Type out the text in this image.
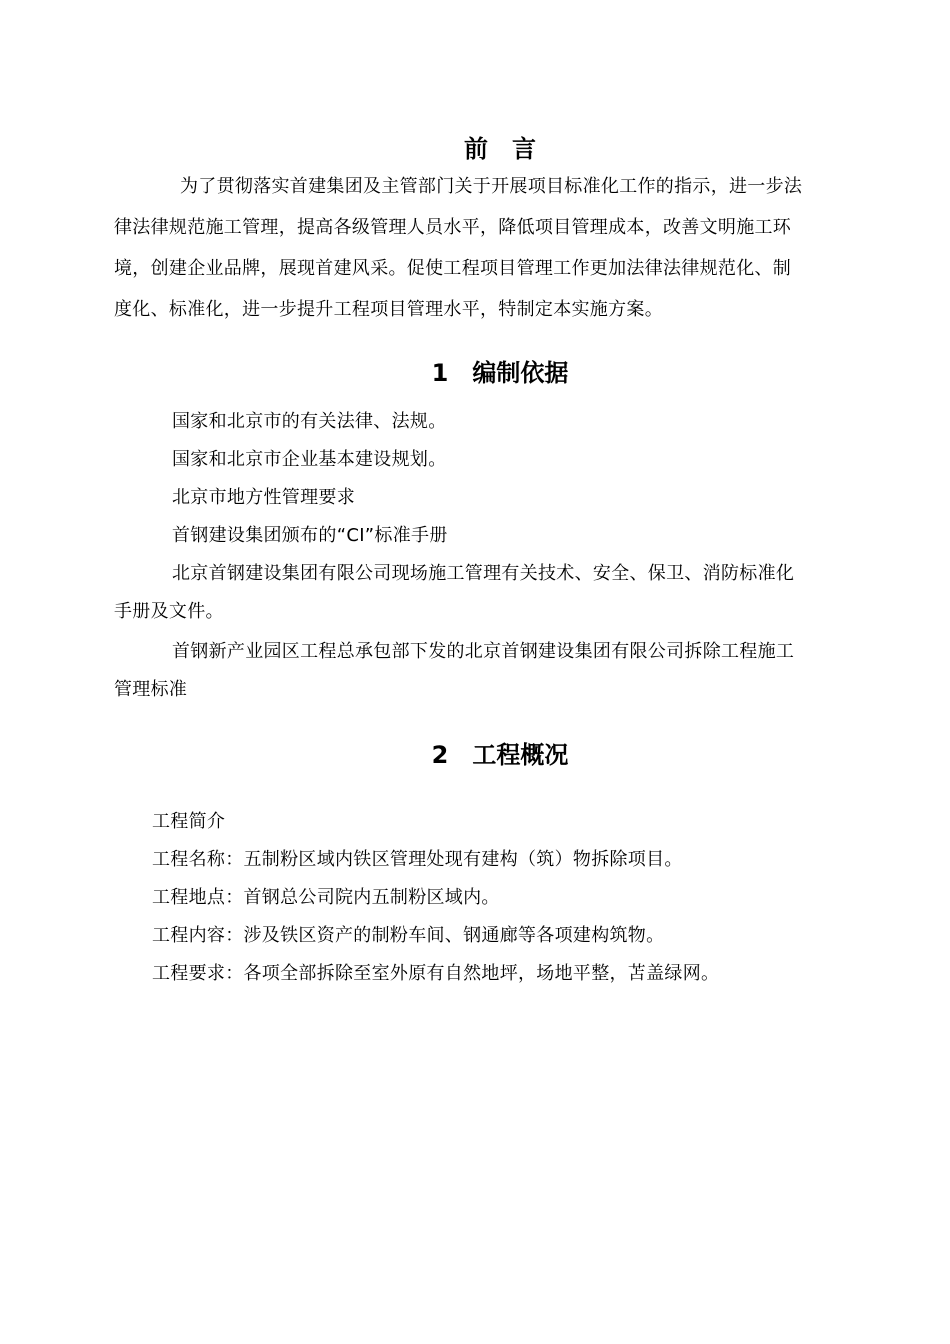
前　言
为了贯彻落实首建集团及主管部门关于开展项目标准化工作的指示，进一步法
律法律规范施工管理，提高各级管理人员水平，降低项目管理成本，改善文明施工环
境，创建企业品牌，展现首建风采。促使工程项目管理工作更加法律法律规范化、制
度化、标准化，进一步提升工程项目管理水平，特制定本实施方案。
1　编制依据
国家和北京市的有关法律、法规。
国家和北京市企业基本建设规划。
北京市地方性管理要求
首钢建设集团颁布的“CI”标准手册
北京首钢建设集团有限公司现场施工管理有关技术、安全、保卫、消防标准化
手册及文件。
首钢新产业园区工程总承包部下发的北京首钢建设集团有限公司拆除工程施工
管理标准
2　工程概况
工程简介
工程名称：五制粉区域内铁区管理处现有建构（筑）物拆除项目。
工程地点：首钢总公司院内五制粉区域内。
工程内容：涉及铁区资产的制粉车间、钢通廊等各项建构筑物。
工程要求：各项全部拆除至室外原有自然地坪，场地平整，苫盖绿网。
